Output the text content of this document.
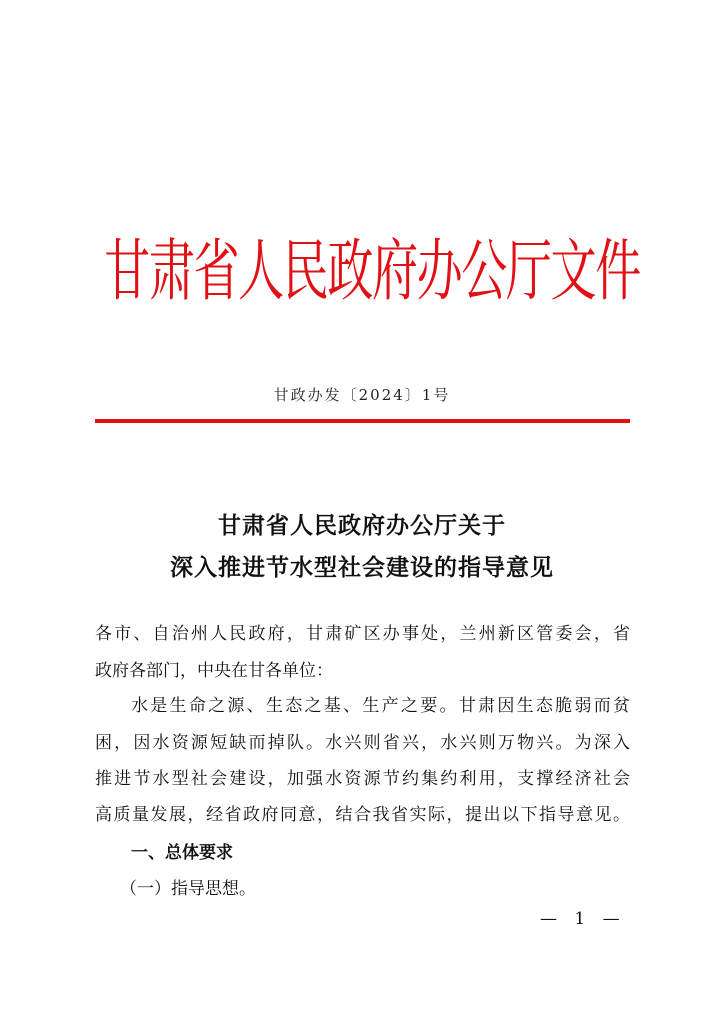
甘肃省人民政府办公厅文件
甘政办发〔2024〕1号
甘肃省人民政府办公厅关于
深入推进节水型社会建设的指导意见
各市、自治州人民政府，甘肃矿区办事处，兰州新区管委会，省
政府各部门，中央在甘各单位：
水是生命之源、生态之基、生产之要。甘肃因生态脆弱而贫
困，因水资源短缺而掉队。水兴则省兴，水兴则万物兴。为深入
推进节水型社会建设，加强水资源节约集约利用，支撑经济社会
高质量发展，经省政府同意，结合我省实际，提出以下指导意见。
一、总体要求
（一）指导思想。
— 1 —
